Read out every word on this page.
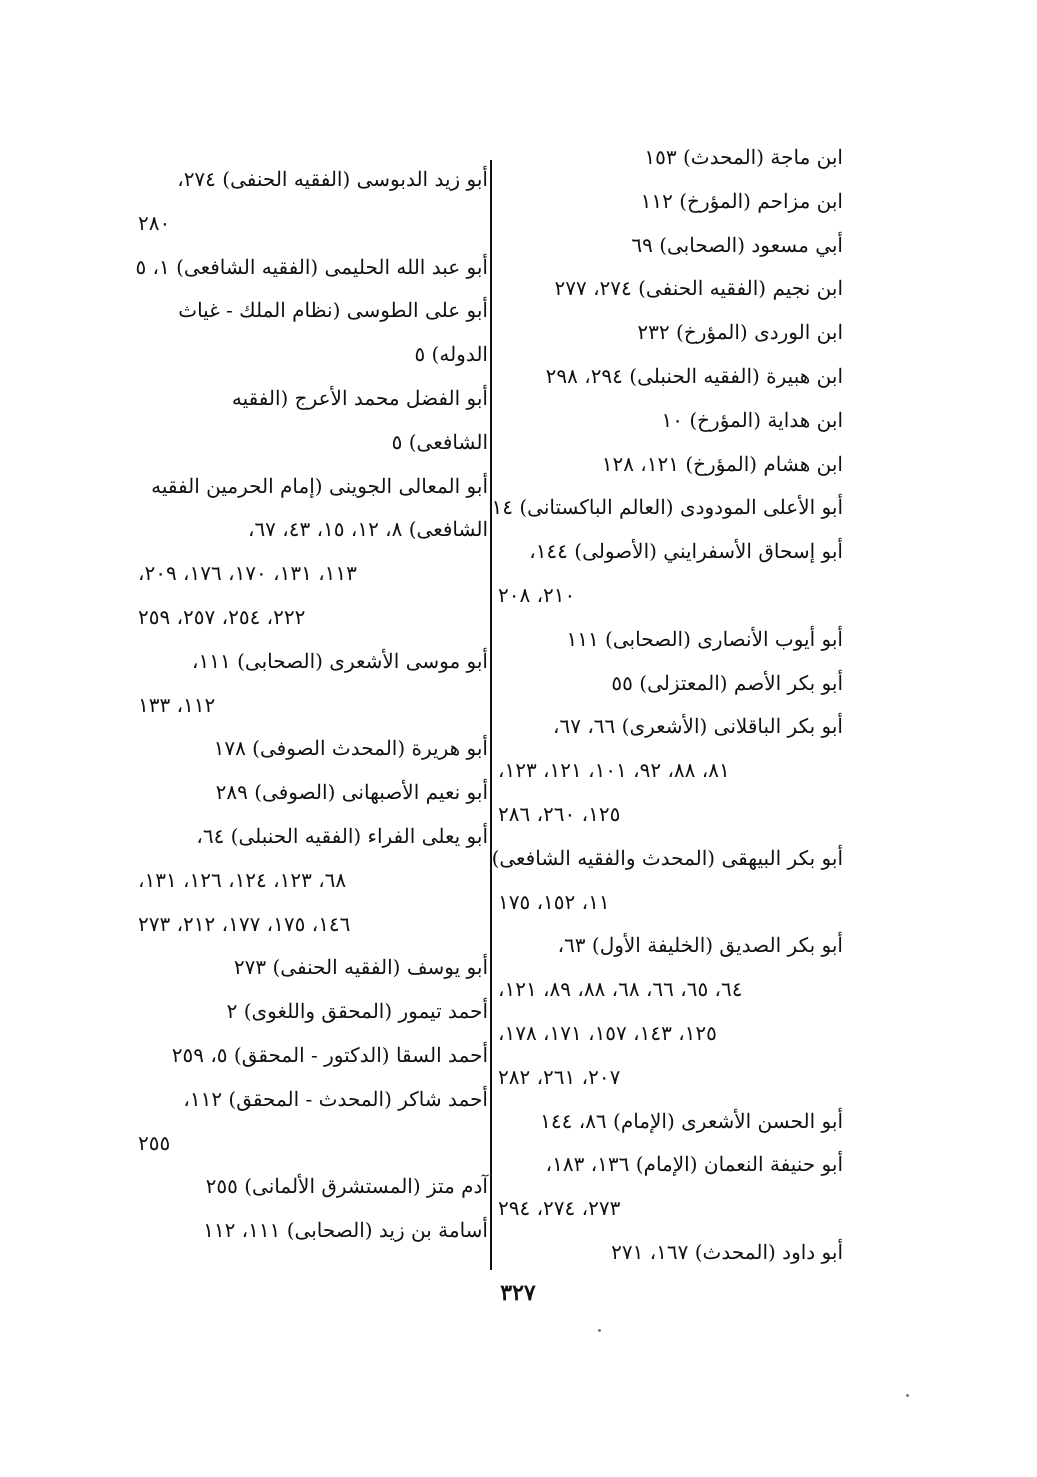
ابن ماجة (المحدث) ١٥٣
ابن مزاحم (المؤرخ) ١١٢
أبي مسعود (الصحابى) ٦٩
ابن نجيم (الفقيه الحنفى) ٢٧٤، ٢٧٧
ابن الوردى (المؤرخ) ٢٣٢
ابن هبيرة (الفقيه الحنبلى) ٢٩٤، ٢٩٨
ابن هداية (المؤرخ) ١٠
ابن هشام (المؤرخ) ١٢١، ١٢٨
أبو الأعلى المودودى (العالم الباكستانى) ١٤
أبو إسحاق الأسفرايني (الأصولى) ١٤٤،
٢١٠، ٢٠٨
أبو أيوب الأنصارى (الصحابى) ١١١
أبو بكر الأصم (المعتزلى) ٥٥
أبو بكر الباقلانى (الأشعرى) ٦٦، ٦٧،
٨١، ٨٨، ٩٢، ١٠١، ١٢١، ١٢٣،
١٢٥، ٢٦٠، ٢٨٦
أبو بكر البيهقى (المحدث والفقيه الشافعى)
١١، ١٥٢، ١٧٥
أبو بكر الصديق (الخليفة الأول) ٦٣،
٦٤، ٦٥، ٦٦، ٦٨، ٨٨، ٨٩، ١٢١،
١٢٥، ١٤٣، ١٥٧، ١٧١، ١٧٨،
٢٠٧، ٢٦١، ٢٨٢
أبو الحسن الأشعرى (الإمام) ٨٦، ١٤٤
أبو حنيفة النعمان (الإمام) ١٣٦، ١٨٣،
٢٧٣، ٢٧٤، ٢٩٤
أبو داود (المحدث) ١٦٧، ٢٧١
أبو زيد الدبوسى (الفقيه الحنفى) ٢٧٤،
٢٨٠
أبو عبد الله الحليمى (الفقيه الشافعى) ١، ٥
أبو على الطوسى (نظام الملك - غياث
الدوله) ٥
أبو الفضل محمد الأعرج (الفقيه
الشافعى) ٥
أبو المعالى الجوينى (إمام الحرمين الفقيه
الشافعى) ٨، ١٢، ١٥، ٤٣، ٦٧،
١١٣، ١٣١، ١٧٠، ١٧٦، ٢٠٩،
٢٢٢، ٢٥٤، ٢٥٧، ٢٥٩
أبو موسى الأشعرى (الصحابى) ١١١،
١١٢، ١٣٣
أبو هريرة (المحدث الصوفى) ١٧٨
أبو نعيم الأصبهانى (الصوفى) ٢٨٩
أبو يعلى الفراء (الفقيه الحنبلى) ٦٤،
٦٨، ١٢٣، ١٢٤، ١٢٦، ١٣١،
١٤٦، ١٧٥، ١٧٧، ٢١٢، ٢٧٣
أبو يوسف (الفقيه الحنفى) ٢٧٣
أحمد تيمور (المحقق واللغوى) ٢
أحمد السقا (الدكتور - المحقق) ٥، ٢٥٩
أحمد شاكر (المحدث - المحقق) ١١٢،
٢٥٥
آدم متز (المستشرق الألمانى) ٢٥٥
أسامة بن زيد (الصحابى) ١١١، ١١٢
٣٢٧
